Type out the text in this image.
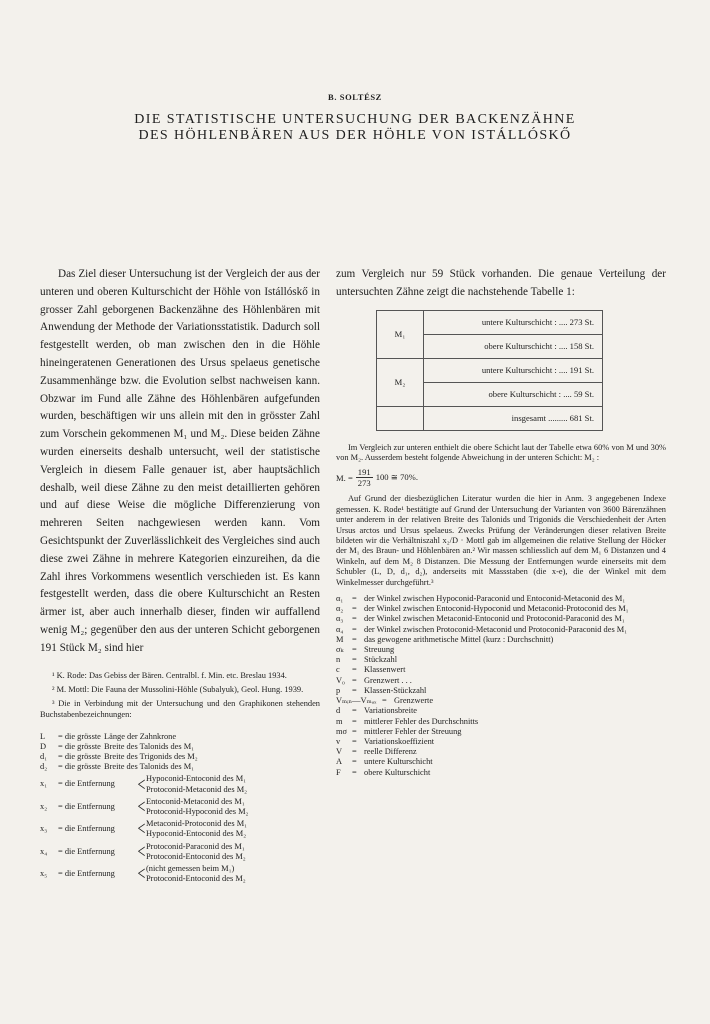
B. SOLTÉSZ
DIE STATISTISCHE UNTERSUCHUNG DER BACKENZÄHNE
DES HÖHLENBÄREN AUS DER HÖHLE VON ISTÁLLÓSKŐ

Das Ziel dieser Untersuchung ist der Vergleich der aus der unteren und oberen Kulturschicht der Höhle von Istállóskő in grosser Zahl geborgenen Backenzähne des Höhlenbären mit Anwendung der Methode der Variationsstatistik. Dadurch soll festgestellt werden, ob man zwischen den in die Höhle hineingeratenen Generationen des Ursus spelaeus genetische Zusammenhänge bzw. die Evolution selbst nachweisen kann. Obzwar im Fund alle Zähne des Höhlenbären aufgefunden wurden, beschäftigen wir uns allein mit den in grösster Zahl zum Vorschein gekommenen M₁ und M₂. Diese beiden Zähne wurden einerseits deshalb untersucht, weil der statistische Vergleich in diesem Falle genauer ist, aber hauptsächlich deshalb, weil diese Zähne zu den meist detaillierten gehören und auf diese Weise die mögliche Differenzierung von mehreren Seiten nachgewiesen werden kann. Vom Gesichtspunkt der Zuverlässlichkeit des Vergleiches sind auch diese zwei Zähne in mehrere Kategorien einzureihen, da die Zahl ihres Vorkommens wesentlich verschieden ist. Es kann festgestellt werden, dass die obere Kulturschicht an Resten ärmer ist, aber auch innerhalb dieser, finden wir auffallend wenig M₂; gegenüber den aus der unteren Schicht geborgenen 191 Stück M₂ sind hier

¹ K. Rode: Das Gebiss der Bären. Centralbl. f. Min. etc. Breslau 1934.

² M. Mottl: Die Fauna der Mussolini-Höhle (Subalyuk), Geol. Hung. 1939.

³ Die in Verbindung mit der Untersuchung und den Graphikonen stehenden Buchstabenbezeichnungen:

L	= die grösste Länge der Zahnkrone
D	= die grösste Breite des Talonids des M₁
d₁	= die grösste Breite des Trigonids des M₂
d₂	= die grösste Breite des Talonids des M₁
x₁	= die Entfernung	< Hypoconid-Entoconid des M₁
Protoconid-Metaconid des M₂
x₂	= die Entfernung	< Entoconid-Metaconid des M₁
Protoconid-Hypoconid des M₂
x₃	= die Entfernung	< Metaconid-Protoconid des M₁
Hypoconid-Entoconid des M₂
x₄	= die Entfernung	< Protoconid-Paraconid des M₁
Protoconid-Entoconid des M₂
x₅	= die Entfernung	< (nicht gemessen beim M₁)
Protoconid-Entoconid des M₂

zum Vergleich nur 59 Stück vorhanden. Die genaue Verteilung der untersuchten Zähne zeigt die nachstehende Tabelle 1:

M₁	untere Kulturschicht : .... 273 St.
	obere Kulturschicht : .... 158 St.
M₂	untere Kulturschicht : .... 191 St.
	obere Kulturschicht : .... 59 St.
	insgesamt ......... 681 St.

Im Vergleich zur unteren enthielt die obere Schicht laut der Tabelle etwa 60% von M und 30% von M₂. Ausserdem besteht folgende Abweichung in der unteren Schicht: M₂ :

M. = $\frac{191}{273} 100$ ≅ 70%.

Auf Grund der diesbezüglichen Literatur wurden die hier in Anm. 3 angegebenen Indexe gemessen. K. Rode¹ bestätigte auf Grund der Untersuchung der Varianten von 3600 Bärenzähnen unter anderem in der relativen Breite des Talonids und Trigonids die Verschiedenheit der Arten Ursus arctos und Ursus spelaeus. Zwecks Prüfung der Veränderungen dieser relativen Breite bildeten wir die Verhältniszahl x₂/D · Mottl gab im allgemeinen die relative Stellung der Höcker der M₁ des Braun- und Höhlenbären an.² Wir massen schliesslich auf dem M₁ 6 Distanzen und 4 Winkeln, auf dem M₂ 8 Distanzen. Die Messung der Entfernungen wurde einerseits mit dem Schubler (L, D, d₁, d₂), anderseits mit Massstaben (die x-e), die der Winkel mit dem Winkelmesser durchgeführt.³

α₁	= der Winkel zwischen Hypoconid-Paraconid und Entoconid-Metaconid des M₁
α₂	= der Winkel zwischen Entoconid-Hypoconid und Metaconid-Protoconid des M₁
α₃	= der Winkel zwischen Metaconid-Entoconid und Protoconid-Paraconid des M₁
α₄	= der Winkel zwischen Protoconid-Metaconid und Protoconid-Paraconid des M₁
M	= das gewogene arithmetische Mittel (kurz : Durchschnitt)
σₖ	= Streuung
n	= Stückzahl
c	= Klassenwert
V₀ = Grenzwert . . .
p	= Klassen-Stückzahl
Vₘᵢₙ—Vₘₐₓ = Grenzwerte
d	= Variationsbreite
m	= mittlerer Fehler des Durchschnitts
mσ = mittlerer Fehler der Streuung
v	= Variationskoeffizient
V	= reelle Differenz
A	= untere Kulturschicht
F	= obere Kulturschicht
